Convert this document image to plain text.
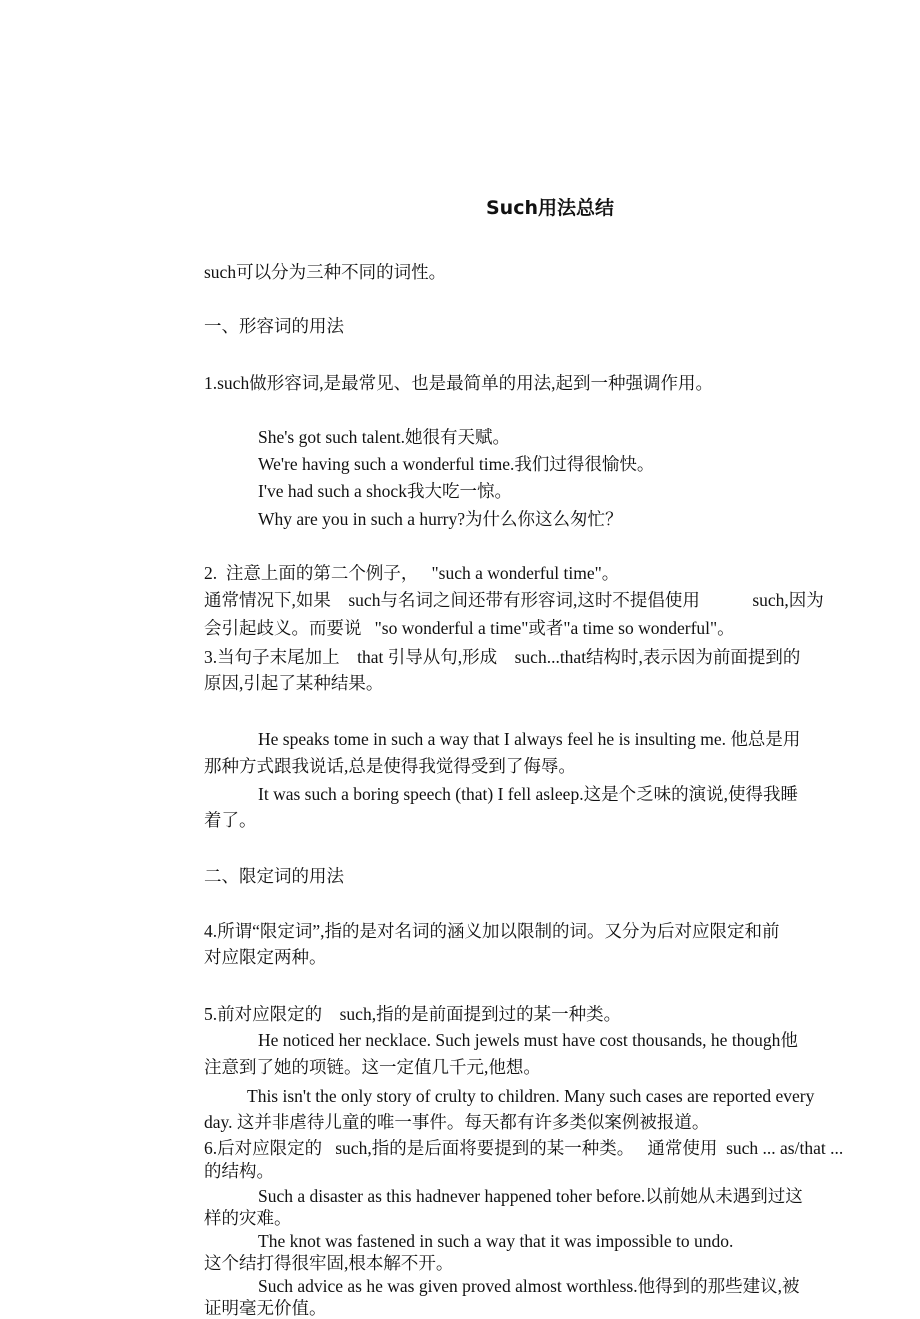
Such用法总结
such可以分为三种不同的词性。
一、形容词的用法
1.such做形容词,是最常见、也是最简单的用法,起到一种强调作用。
She's got such talent.她很有天赋。
We're having such a wonderful time.我们过得很愉快。
I've had such a shock我大吃一惊。
Why are you in such a hurry?为什么你这么匆忙？
2.  注意上面的第二个例子，   "such a wonderful time"。
通常情况下,如果    such与名词之间还带有形容词,这时不提倡使用            such,因为
会引起歧义。而要说   "so wonderful a time"或者"a time so wonderful"。
3.当句子末尾加上    that 引导从句,形成    such...that结构时,表示因为前面提到的
原因,引起了某种结果。
He speaks tome in such a way that I always feel he is insulting me. 他总是用
那种方式跟我说话,总是使得我觉得受到了侮辱。
It was such a boring speech (that) I fell asleep.这是个乏味的演说,使得我睡
着了。
二、限定词的用法
4.所谓“限定词”,指的是对名词的涵义加以限制的词。又分为后对应限定和前
对应限定两种。
5.前对应限定的    such,指的是前面提到过的某一种类。
He noticed her necklace. Such jewels must have cost thousands, he though他
注意到了她的项链。这一定值几千元,他想。
This isn't the only story of crulty to children. Many such cases are reported every
day. 这并非虐待儿童的唯一事件。每天都有许多类似案例被报道。
6.后对应限定的   such,指的是后面将要提到的某一种类。   通常使用  such ... as/that ...
的结构。
Such a disaster as this hadnever happened toher before.以前她从未遇到过这
样的灾难。
The knot was fastened in such a way that it was impossible to undo.
这个结打得很牢固,根本解不开。
Such advice as he was given proved almost worthless.他得到的那些建议,被
证明毫无价值。
